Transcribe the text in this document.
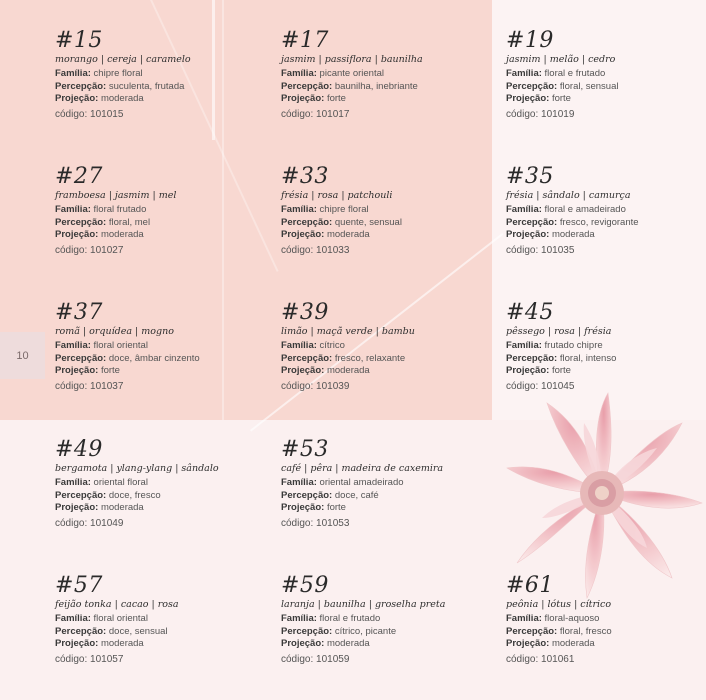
10
#15
morango | cereja | caramelo
Família: chipre floral
Percepção: suculenta, frutada
Projeção: moderada
código: 101015
#17
jasmim | passiflora | baunilha
Família: picante oriental
Percepção: baunilha, inebriante
Projeção: forte
código: 101017
#19
jasmim | melão | cedro
Família: floral e frutado
Percepção: floral, sensual
Projeção: forte
código: 101019
#27
framboesa | jasmim | mel
Família: floral frutado
Percepção: floral, mel
Projeção: moderada
código: 101027
#33
frésia | rosa | patchouli
Família: chipre floral
Percepção: quente, sensual
Projeção: moderada
código: 101033
#35
frésia | sândalo | camurça
Família: floral e amadeirado
Percepção: fresco, revigorante
Projeção: moderada
código: 101035
#37
romã | orquídea | mogno
Família: floral oriental
Percepção: doce, âmbar cinzento
Projeção: forte
código: 101037
#39
limão | maçã verde | bambu
Família: cítrico
Percepção: fresco, relaxante
Projeção: moderada
código: 101039
#45
pêssego | rosa | frésia
Família: frutado chipre
Percepção: floral, intenso
Projeção: forte
código: 101045
#49
bergamota | ylang-ylang | sândalo
Família: oriental floral
Percepção: doce, fresco
Projeção: moderada
código: 101049
#53
café | pêra | madeira de caxemira
Família: oriental amadeirado
Percepção: doce, café
Projeção: forte
código: 101053
#57
feijão tonka | cacao | rosa
Família: floral oriental
Percepção: doce, sensual
Projeção: moderada
código: 101057
#59
laranja | baunilha | groselha preta
Família: floral e frutado
Percepção: cítrico, picante
Projeção: moderada
código: 101059
#61
peônia | lótus | cítrico
Família: floral-aquoso
Percepção: floral, fresco
Projeção: moderada
código: 101061
